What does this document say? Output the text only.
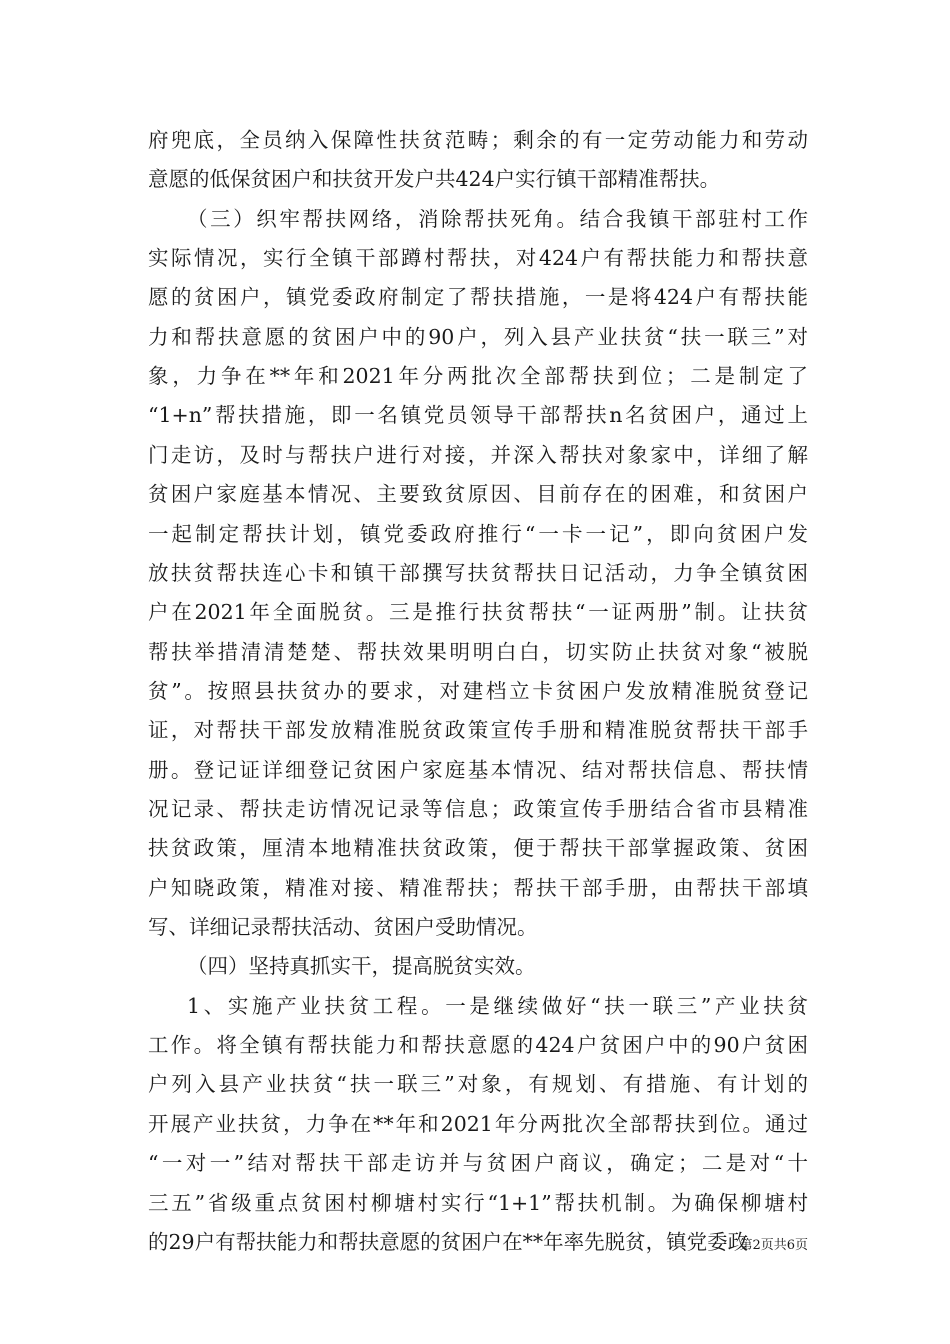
府兜底，全员纳入保障性扶贫范畴；剩余的有一定劳动能力和劳动
意愿的低保贫困户和扶贫开发户共424户实行镇干部精准帮扶。
（三）织牢帮扶网络，消除帮扶死角。结合我镇干部驻村工作
实际情况，实行全镇干部蹲村帮扶，对424户有帮扶能力和帮扶意
愿的贫困户，镇党委政府制定了帮扶措施，一是将424户有帮扶能
力和帮扶意愿的贫困户中的90户，列入县产业扶贫“扶一联三”对
象，力争在**年和2021年分两批次全部帮扶到位；二是制定了
“1+n”帮扶措施，即一名镇党员领导干部帮扶n名贫困户，通过上
门走访，及时与帮扶户进行对接，并深入帮扶对象家中，详细了解
贫困户家庭基本情况、主要致贫原因、目前存在的困难，和贫困户
一起制定帮扶计划，镇党委政府推行“一卡一记”，即向贫困户发
放扶贫帮扶连心卡和镇干部撰写扶贫帮扶日记活动，力争全镇贫困
户在2021年全面脱贫。三是推行扶贫帮扶“一证两册”制。让扶贫
帮扶举措清清楚楚、帮扶效果明明白白，切实防止扶贫对象“被脱
贫”。按照县扶贫办的要求，对建档立卡贫困户发放精准脱贫登记
证，对帮扶干部发放精准脱贫政策宣传手册和精准脱贫帮扶干部手
册。登记证详细登记贫困户家庭基本情况、结对帮扶信息、帮扶情
况记录、帮扶走访情况记录等信息；政策宣传手册结合省市县精准
扶贫政策，厘清本地精准扶贫政策，便于帮扶干部掌握政策、贫困
户知晓政策，精准对接、精准帮扶；帮扶干部手册，由帮扶干部填
写、详细记录帮扶活动、贫困户受助情况。
（四）坚持真抓实干，提高脱贫实效。
1、实施产业扶贫工程。一是继续做好“扶一联三”产业扶贫
工作。将全镇有帮扶能力和帮扶意愿的424户贫困户中的90户贫困
户列入县产业扶贫“扶一联三”对象，有规划、有措施、有计划的
开展产业扶贫，力争在**年和2021年分两批次全部帮扶到位。通过
“一对一”结对帮扶干部走访并与贫困户商议，确定；二是对“十
三五”省级重点贫困村柳塘村实行“1+1”帮扶机制。为确保柳塘村
的29户有帮扶能力和帮扶意愿的贫困户在**年率先脱贫，镇党委政
第2页共6页
